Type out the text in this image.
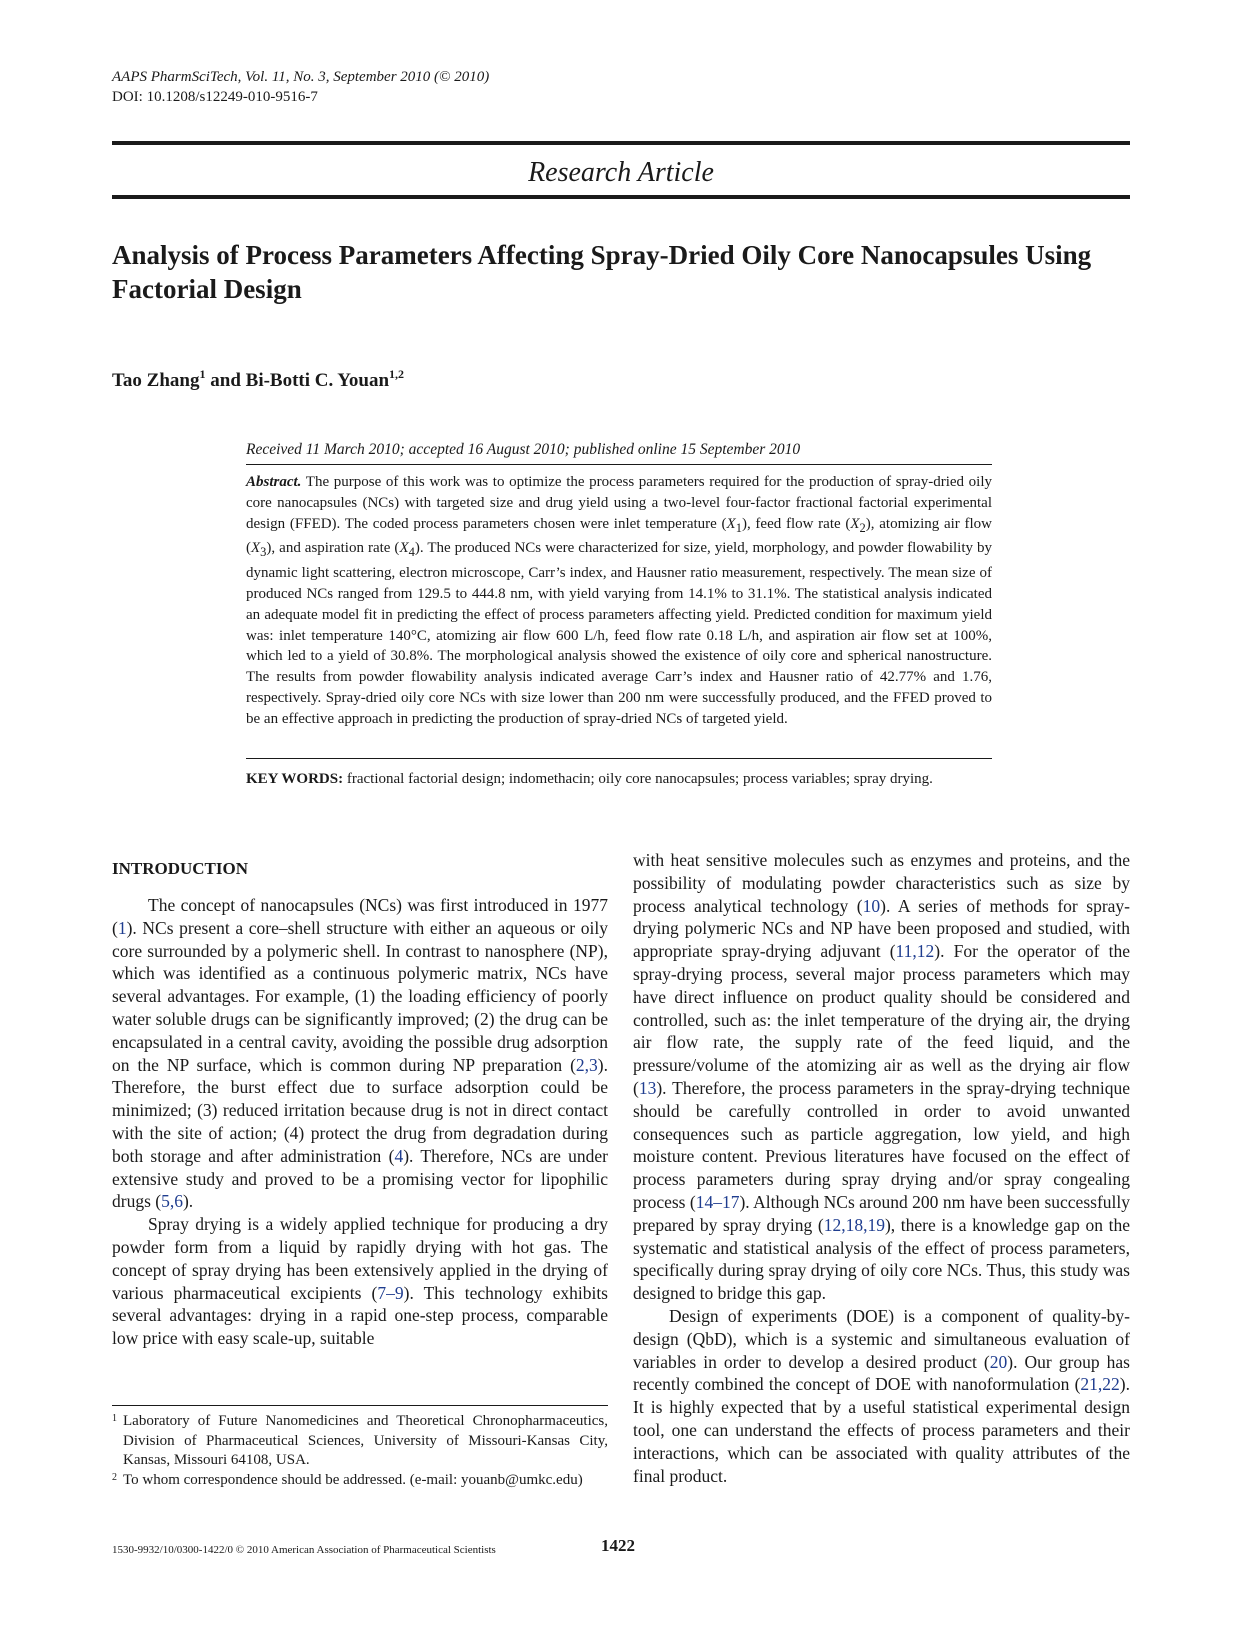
AAPS PharmSciTech, Vol. 11, No. 3, September 2010 (© 2010)
DOI: 10.1208/s12249-010-9516-7
Research Article
Analysis of Process Parameters Affecting Spray-Dried Oily Core Nanocapsules Using Factorial Design
Tao Zhang$^1$ and Bi-Botti C. Youan$^{1,2}$
Received 11 March 2010; accepted 16 August 2010; published online 15 September 2010
Abstract. The purpose of this work was to optimize the process parameters required for the production of spray-dried oily core nanocapsules (NCs) with targeted size and drug yield using a two-level four-factor fractional factorial experimental design (FFED). The coded process parameters chosen were inlet temperature $(X_1)$, feed flow rate $(X_2)$, atomizing air flow $(X_3)$, and aspiration rate $(X_4)$. The produced NCs were characterized for size, yield, morphology, and powder flowability by dynamic light scattering, electron microscope, Carr’s index, and Hausner ratio measurement, respectively. The mean size of produced NCs ranged from 129.5 to 444.8 nm, with yield varying from 14.1% to 31.1%. The statistical analysis indicated an adequate model fit in predicting the effect of process parameters affecting yield. Predicted condition for maximum yield was: inlet temperature 140°C, atomizing air flow 600 L/h, feed flow rate 0.18 L/h, and aspiration air flow set at 100%, which led to a yield of 30.8%. The morphological analysis showed the existence of oily core and spherical nanostructure. The results from powder flowability analysis indicated average Carr’s index and Hausner ratio of 42.77% and 1.76, respectively. Spray-dried oily core NCs with size lower than 200 nm were successfully produced, and the FFED proved to be an effective approach in predicting the production of spray-dried NCs of targeted yield.
KEY WORDS: fractional factorial design; indomethacin; oily core nanocapsules; process variables; spray drying.
INTRODUCTION

The concept of nanocapsules (NCs) was first introduced in 1977 (1). NCs present a core–shell structure with either an aqueous or oily core surrounded by a polymeric shell. In contrast to nanosphere (NP), which was identified as a continuous polymeric matrix, NCs have several advantages. For example, (1) the loading efficiency of poorly water soluble drugs can be significantly improved; (2) the drug can be encapsulated in a central cavity, avoiding the possible drug adsorption on the NP surface, which is common during NP preparation (2,3). Therefore, the burst effect due to surface adsorption could be minimized; (3) reduced irritation because drug is not in direct contact with the site of action; (4) protect the drug from degradation during both storage and after administration (4). Therefore, NCs are under extensive study and proved to be a promising vector for lipophilic drugs (5,6).

Spray drying is a widely applied technique for producing a dry powder form from a liquid by rapidly drying with hot gas. The concept of spray drying has been extensively applied in the drying of various pharmaceutical excipients (7–9). This technology exhibits several advantages: drying in a rapid one-step process, comparable low price with easy scale-up, suitable

1 Laboratory of Future Nanomedicines and Theoretical Chronopharmaceutics, Division of Pharmaceutical Sciences, University of Missouri-Kansas City, Kansas, Missouri 64108, USA.
2 To whom correspondence should be addressed. (e-mail: youanb@umkc.edu)

with heat sensitive molecules such as enzymes and proteins, and the possibility of modulating powder characteristics such as size by process analytical technology (10). A series of methods for spray-drying polymeric NCs and NP have been proposed and studied, with appropriate spray-drying adjuvant (11,12). For the operator of the spray-drying process, several major process parameters which may have direct influence on product quality should be considered and controlled, such as: the inlet temperature of the drying air, the drying air flow rate, the supply rate of the feed liquid, and the pressure/volume of the atomizing air as well as the drying air flow (13). Therefore, the process parameters in the spray-drying technique should be carefully controlled in order to avoid unwanted consequences such as particle aggregation, low yield, and high moisture content. Previous literatures have focused on the effect of process parameters during spray drying and/or spray congealing process (14–17). Although NCs around 200 nm have been successfully prepared by spray drying (12,18,19), there is a knowledge gap on the systematic and statistical analysis of the effect of process parameters, specifically during spray drying of oily core NCs. Thus, this study was designed to bridge this gap.

Design of experiments (DOE) is a component of quality-by-design (QbD), which is a systemic and simultaneous evaluation of variables in order to develop a desired product (20). Our group has recently combined the concept of DOE with nanoformulation (21,22). It is highly expected that by a useful statistical experimental design tool, one can understand the effects of process parameters and their interactions, which can be associated with quality attributes of the final product.

1530-9932/10/0300-1422/0 © 2010 American Association of Pharmaceutical Scientists	1422
